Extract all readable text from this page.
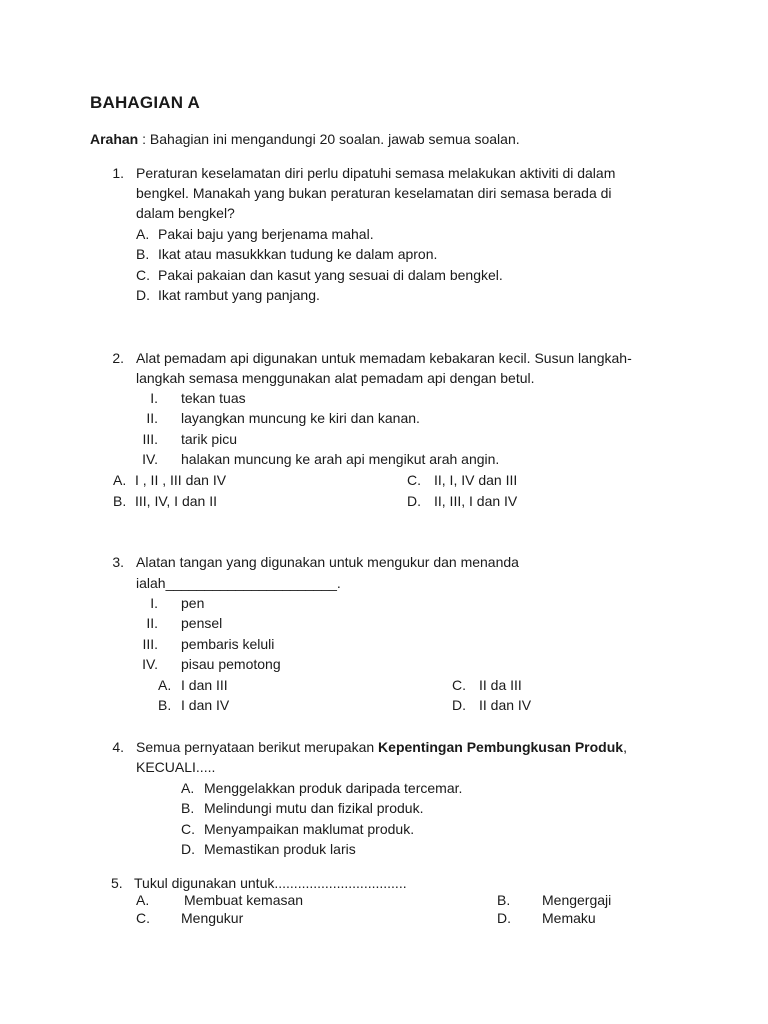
BAHAGIAN A
Arahan : Bahagian ini mengandungi 20 soalan. jawab semua soalan.
1. Peraturan keselamatan diri perlu dipatuhi semasa melakukan aktiviti di dalam
bengkel. Manakah yang bukan peraturan keselamatan diri semasa berada di
dalam bengkel?
A. Pakai baju yang berjenama mahal.
B. Ikat atau masukkkan tudung ke dalam apron.
C. Pakai pakaian dan kasut yang sesuai di dalam bengkel.
D. Ikat rambut yang panjang.
2. Alat pemadam api digunakan untuk memadam kebakaran kecil. Susun langkah-
langkah semasa menggunakan alat pemadam api dengan betul.
I. tekan tuas
II. layangkan muncung ke kiri dan kanan.
III. tarik picu
IV. halakan muncung ke arah api mengikut arah angin.
A. I , II , III dan IV
B. III, IV, I dan II
C. II, I, IV dan III
D. II, III, I dan IV
3. Alatan tangan yang digunakan untuk mengukur dan menanda
ialah______________________.
I. pen
II. pensel
III. pembaris keluli
IV. pisau pemotong
A. I dan III
B. I dan IV
C. II da III
D. II dan IV
4. Semua pernyataan berikut merupakan Kepentingan Pembungkusan Produk,
KECUALI.....
A. Menggelakkan produk daripada tercemar.
B. Melindungi mutu dan fizikal produk.
C. Menyampaikan maklumat produk.
D. Memastikan produk laris
5. Tukul digunakan untuk..................................
A. Membuat kemasan	B. Mengergaji
C. Mengukur	D. Memaku
